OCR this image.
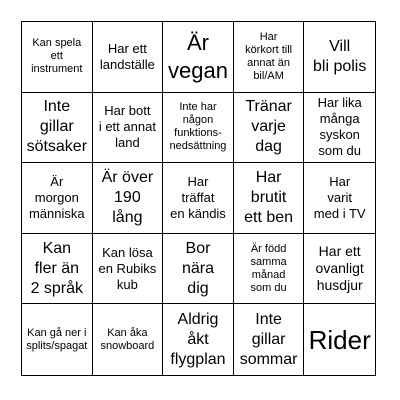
Kan spela
ett
instrument
Har ett
landställe
Är
vegan
Har
körkort till
annat än
bil/AM
Vill
bli polis
Inte
gillar
sötsaker
Har bott
i ett annat
land
Inte har
någon
funktions-
nedsättning
Tränar
varje
dag
Har lika
många
syskon
som du
Är
morgon
människa
Är över
190
lång
Har
träffat
en kändis
Har
brutit
ett ben
Har
varit
med i TV
Kan
fler än
2 språk
Kan lösa
en Rubiks
kub
Bor
nära
dig
Är född
samma
månad
som du
Har ett
ovanligt
husdjur
Kan gå ner i
splits/spagat
Kan åka
snowboard
Aldrig
åkt
flygplan
Inte
gillar
sommar
Rider
